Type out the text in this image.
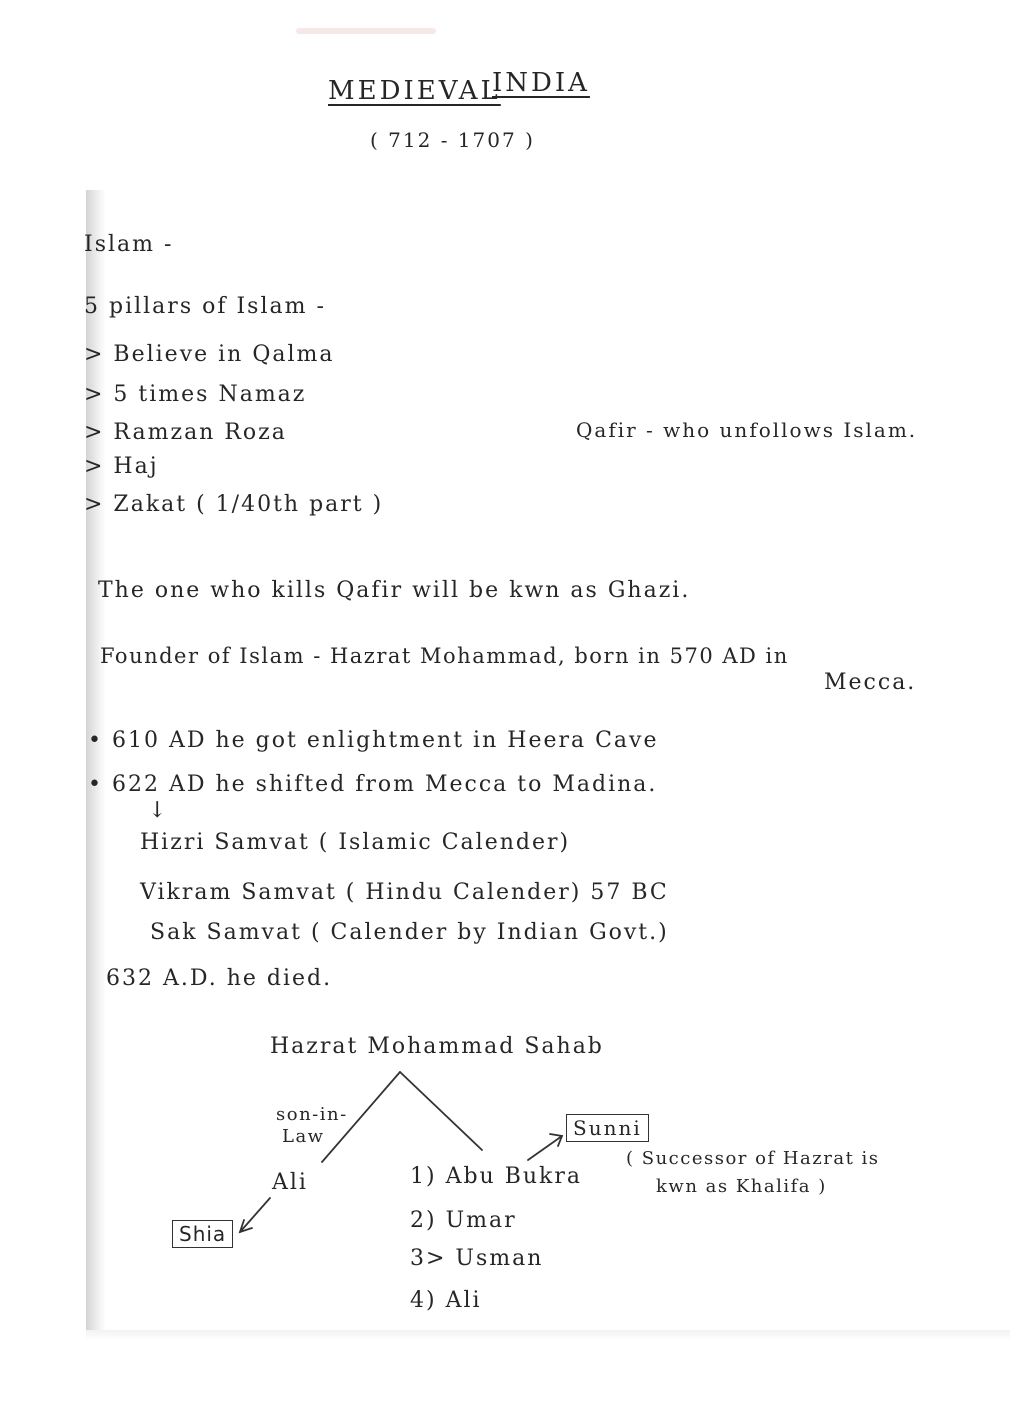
MEDIEVAL
INDIA
( 712 - 1707 )
Islam -
5 pillars of Islam -
> Believe in Qalma
> 5 times Namaz
> Ramzan Roza
> Haj
> Zakat ( 1/40th part )
Qafir - who unfollows Islam.
The one who kills Qafir will be kwn as Ghazi.
Founder of Islam - Hazrat Mohammad, born in 570 AD in
Mecca.
• 610 AD he got enlightment in Heera Cave
• 622 AD he shifted from Mecca to Madina.
↓
Hizri Samvat ( Islamic Calender)
Vikram Samvat ( Hindu Calender) 57 BC
Sak Samvat ( Calender by Indian Govt.)
632 A.D. he died.
Hazrat Mohammad Sahab
son-in-
Law
Ali
Shia
Sunni
1) Abu Bukra
2) Umar
3> Usman
4) Ali
( Successor of Hazrat is
kwn as Khalifa )
